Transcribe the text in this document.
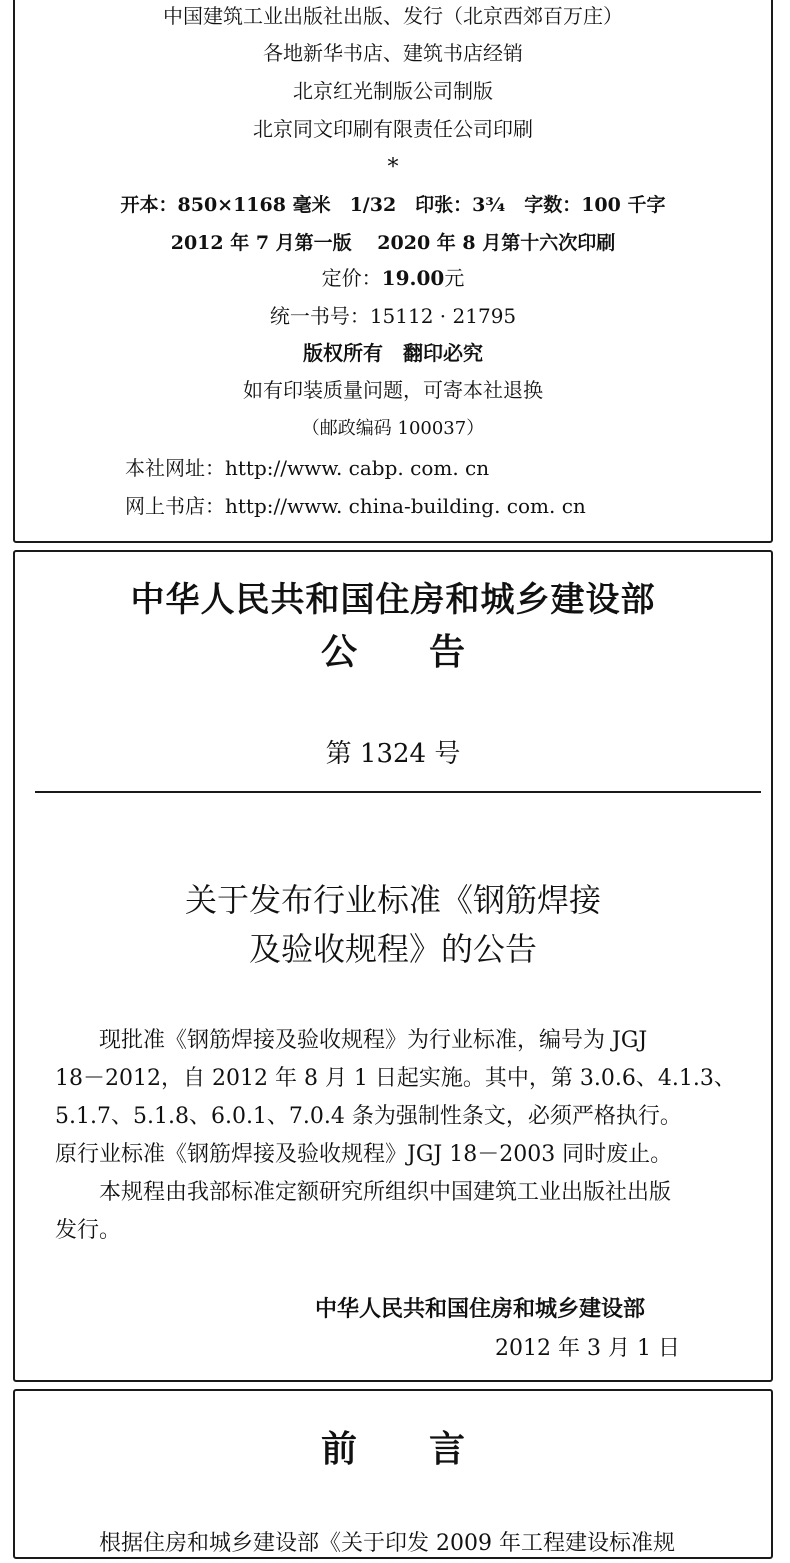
中国建筑工业出版社出版、发行（北京西郊百万庄）
各地新华书店、建筑书店经销
北京红光制版公司制版
北京同文印刷有限责任公司印刷
*
开本：850×1168 毫米　1/32　印张：3¾　字数：100 千字
2012 年 7 月第一版　 2020 年 8 月第十六次印刷
定价：19.00元
统一书号：15112 · 21795
版权所有　翻印必究
如有印装质量问题，可寄本社退换
（邮政编码 100037）
本社网址：http://www. cabp. com. cn
网上书店：http://www. china-building. com. cn
中华人民共和国住房和城乡建设部
公　　告
第 1324 号
关于发布行业标准《钢筋焊接
及验收规程》的公告
　　现批准《钢筋焊接及验收规程》为行业标准，编号为 JGJ
18－2012，自 2012 年 8 月 1 日起实施。其中，第 3.0.6、4.1.3、
5.1.7、5.1.8、6.0.1、7.0.4 条为强制性条文，必须严格执行。
原行业标准《钢筋焊接及验收规程》JGJ 18－2003 同时废止。
　　本规程由我部标准定额研究所组织中国建筑工业出版社出版
发行。
中华人民共和国住房和城乡建设部
2012 年 3 月 1 日
前　　言
　　根据住房和城乡建设部《关于印发 2009 年工程建设标准规
